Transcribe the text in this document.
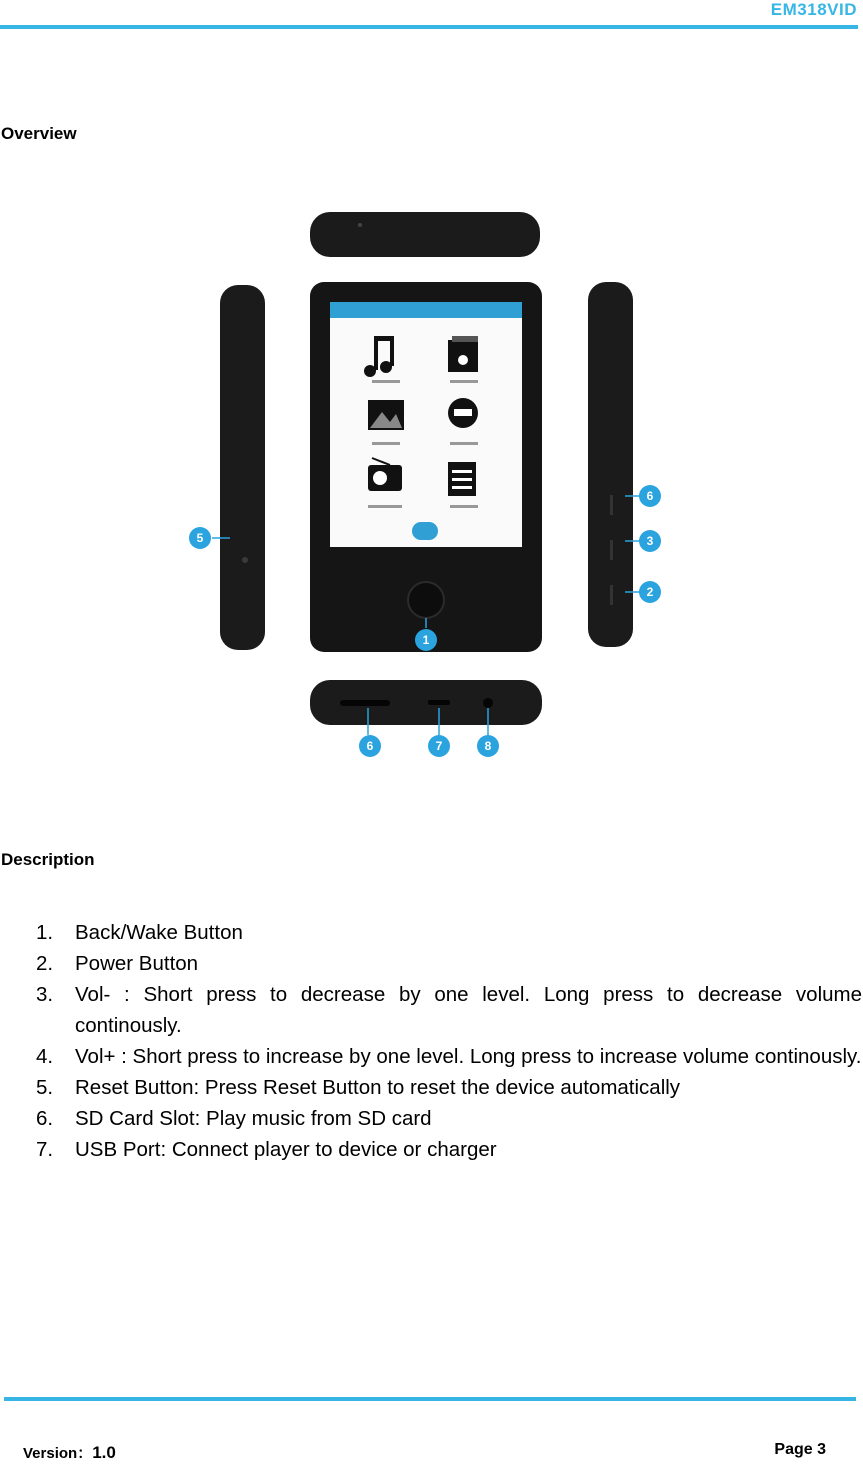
EM318VID
Overview
5
6
3
2
1
6	7	8
Description
1.	Back/Wake Button
2.	Power Button
3.	Vol- : Short press to decrease by one level. Long press to decrease volume continously.
4.	Vol+ : Short press to increase by one level. Long press to increase volume continously.
5.	Reset Button: Press Reset Button to reset the device automatically
6.	SD Card Slot: Play music from SD card
7.	USB Port: Connect player to device or charger
Version：1.0	Page 3
